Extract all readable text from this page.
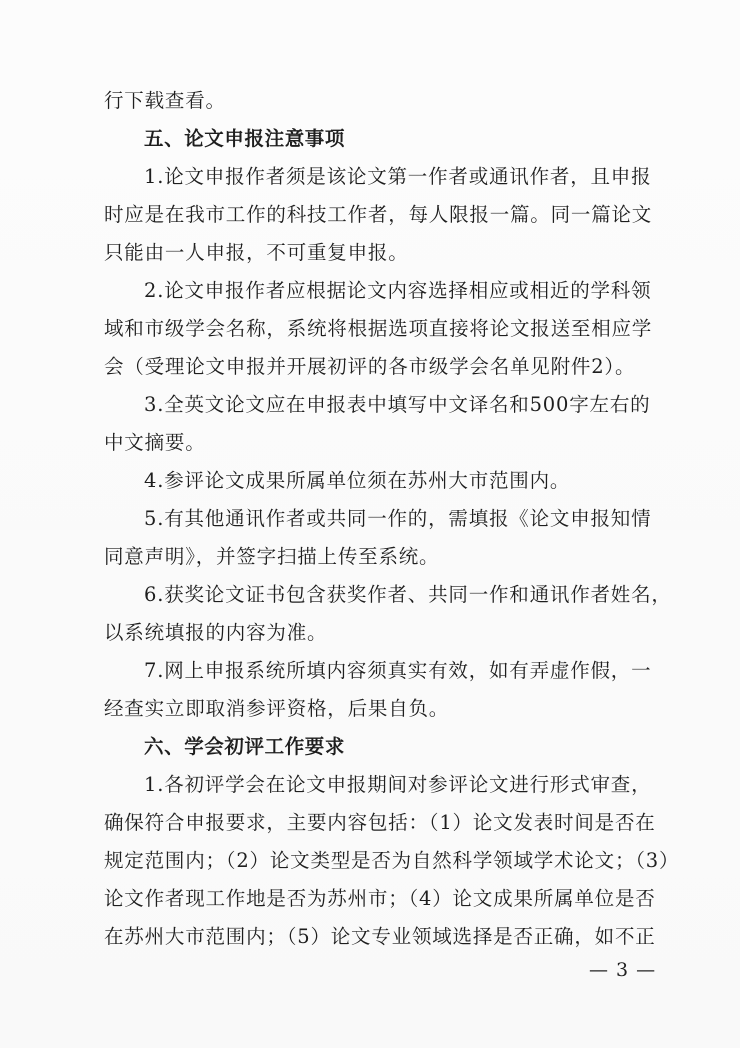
行下载查看。
五、论文申报注意事项
1.论文申报作者须是该论文第一作者或通讯作者，且申报
时应是在我市工作的科技工作者，每人限报一篇。同一篇论文
只能由一人申报，不可重复申报。
2.论文申报作者应根据论文内容选择相应或相近的学科领
域和市级学会名称，系统将根据选项直接将论文报送至相应学
会（受理论文申报并开展初评的各市级学会名单见附件2）。
3.全英文论文应在申报表中填写中文译名和500字左右的
中文摘要。
4.参评论文成果所属单位须在苏州大市范围内。
5.有其他通讯作者或共同一作的，需填报《论文申报知情
同意声明》，并签字扫描上传至系统。
6.获奖论文证书包含获奖作者、共同一作和通讯作者姓名，
以系统填报的内容为准。
7.网上申报系统所填内容须真实有效，如有弄虚作假，一
经查实立即取消参评资格，后果自负。
六、学会初评工作要求
1.各初评学会在论文申报期间对参评论文进行形式审查，
确保符合申报要求，主要内容包括：（1）论文发表时间是否在
规定范围内；（2）论文类型是否为自然科学领域学术论文；（3）
论文作者现工作地是否为苏州市；（4）论文成果所属单位是否
在苏州大市范围内；（5）论文专业领域选择是否正确，如不正
— 3 —
